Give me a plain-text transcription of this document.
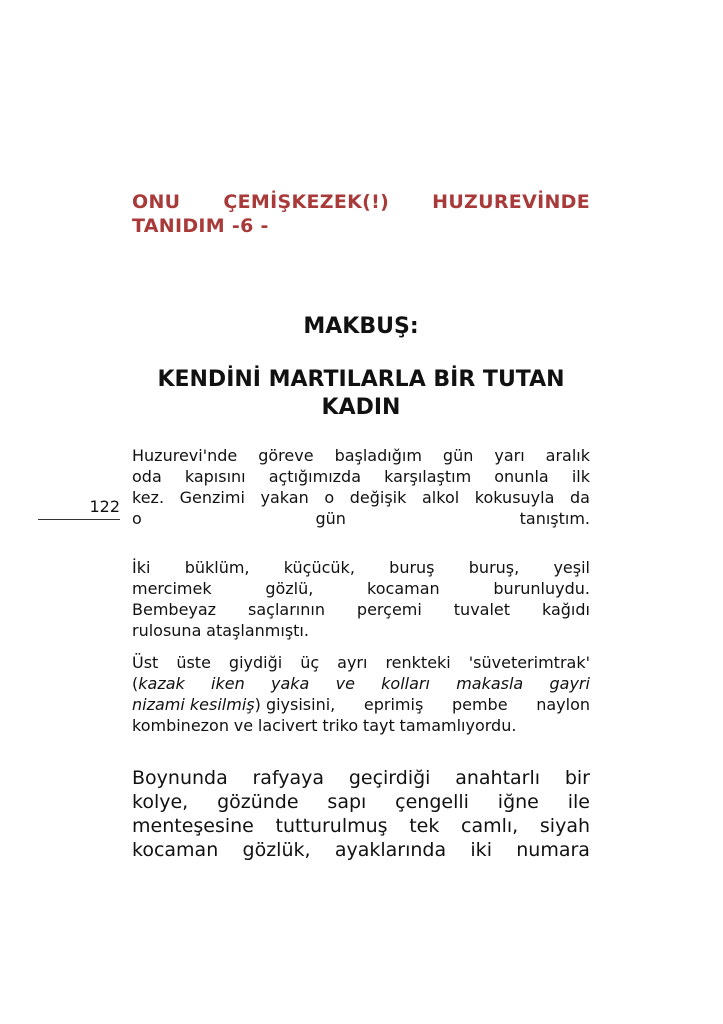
ONU ÇEMİŞKEZEK(!) HUZUREVİNDE
TANIDIM -6 -
MAKBUŞ:
KENDİNİ MARTILARLA BİR TUTAN
KADIN
122
Huzurevi'nde göreve başladığım gün yarı aralık
oda kapısını açtığımızda karşılaştım onunla ilk
kez. Genzimi yakan o değişik alkol kokusuyla da
o	gün	tanıştım.
İki büklüm, küçücük, buruş buruş, yeşil
mercimek	gözlü,	kocaman	burunluydu.
Bembeyaz saçlarının perçemi tuvalet kağıdı
rulosuna ataşlanmıştı.
Üst üste giydiği üç ayrı renkteki 'süveterimtrak'
(kazak iken yaka ve kolları makasla gayri
nizami kesilmiş) giysisini, eprimiş pembe naylon
kombinezon ve lacivert triko tayt tamamlıyordu.
Boynunda rafyaya geçirdiği anahtarlı bir
kolye, gözünde sapı çengelli iğne ile
menteşesine tutturulmuş tek camlı, siyah
kocaman gözlük, ayaklarında iki numara
